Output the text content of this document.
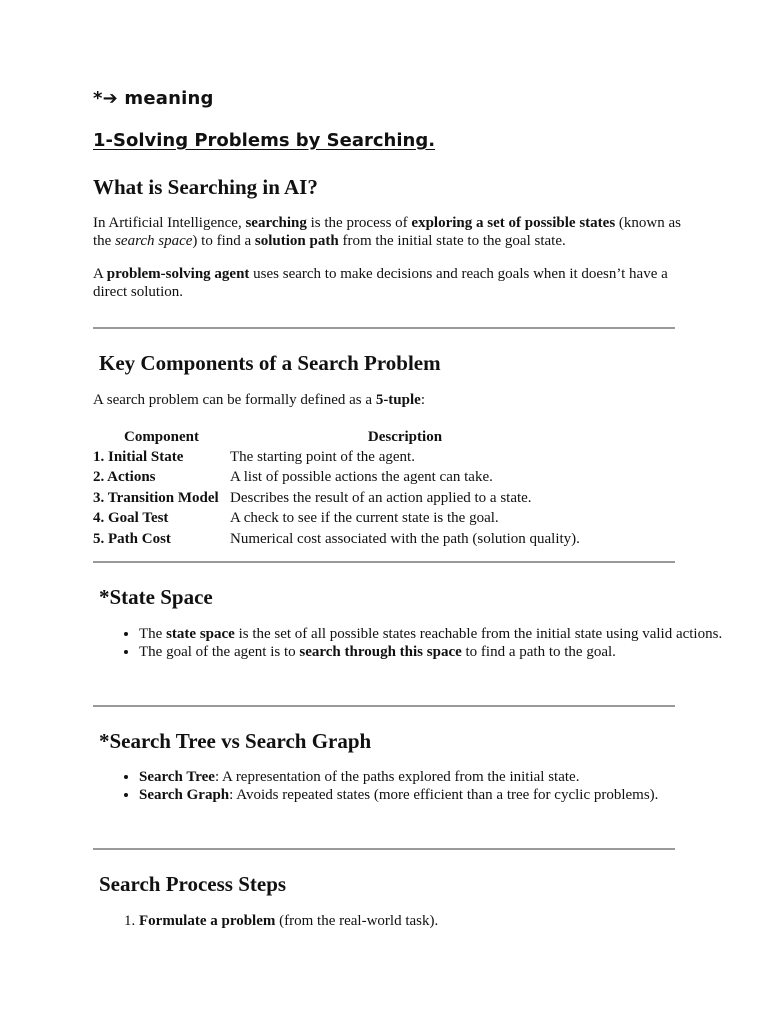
*➔ meaning
1-Solving Problems by Searching.
What is Searching in AI?

In Artificial Intelligence, searching is the process of exploring a set of possible states (known as the search space) to find a solution path from the initial state to the goal state.

A problem-solving agent uses search to make decisions and reach goals when it doesn’t have a direct solution.

Key Components of a Search Problem

A search problem can be formally defined as a 5-tuple:

Component	Description
1. Initial State	The starting point of the agent.
2. Actions	A list of possible actions the agent can take.
3. Transition Model	Describes the result of an action applied to a state.
4. Goal Test	A check to see if the current state is the goal.
5. Path Cost	Numerical cost associated with the path (solution quality).
*State Space
• The state space is the set of all possible states reachable from the initial state using valid actions.
• The goal of the agent is to search through this space to find a path to the goal.
*Search Tree vs Search Graph
• Search Tree: A representation of the paths explored from the initial state.
• Search Graph: Avoids repeated states (more efficient than a tree for cyclic problems).
Search Process Steps
1. Formulate a problem (from the real-world task).
